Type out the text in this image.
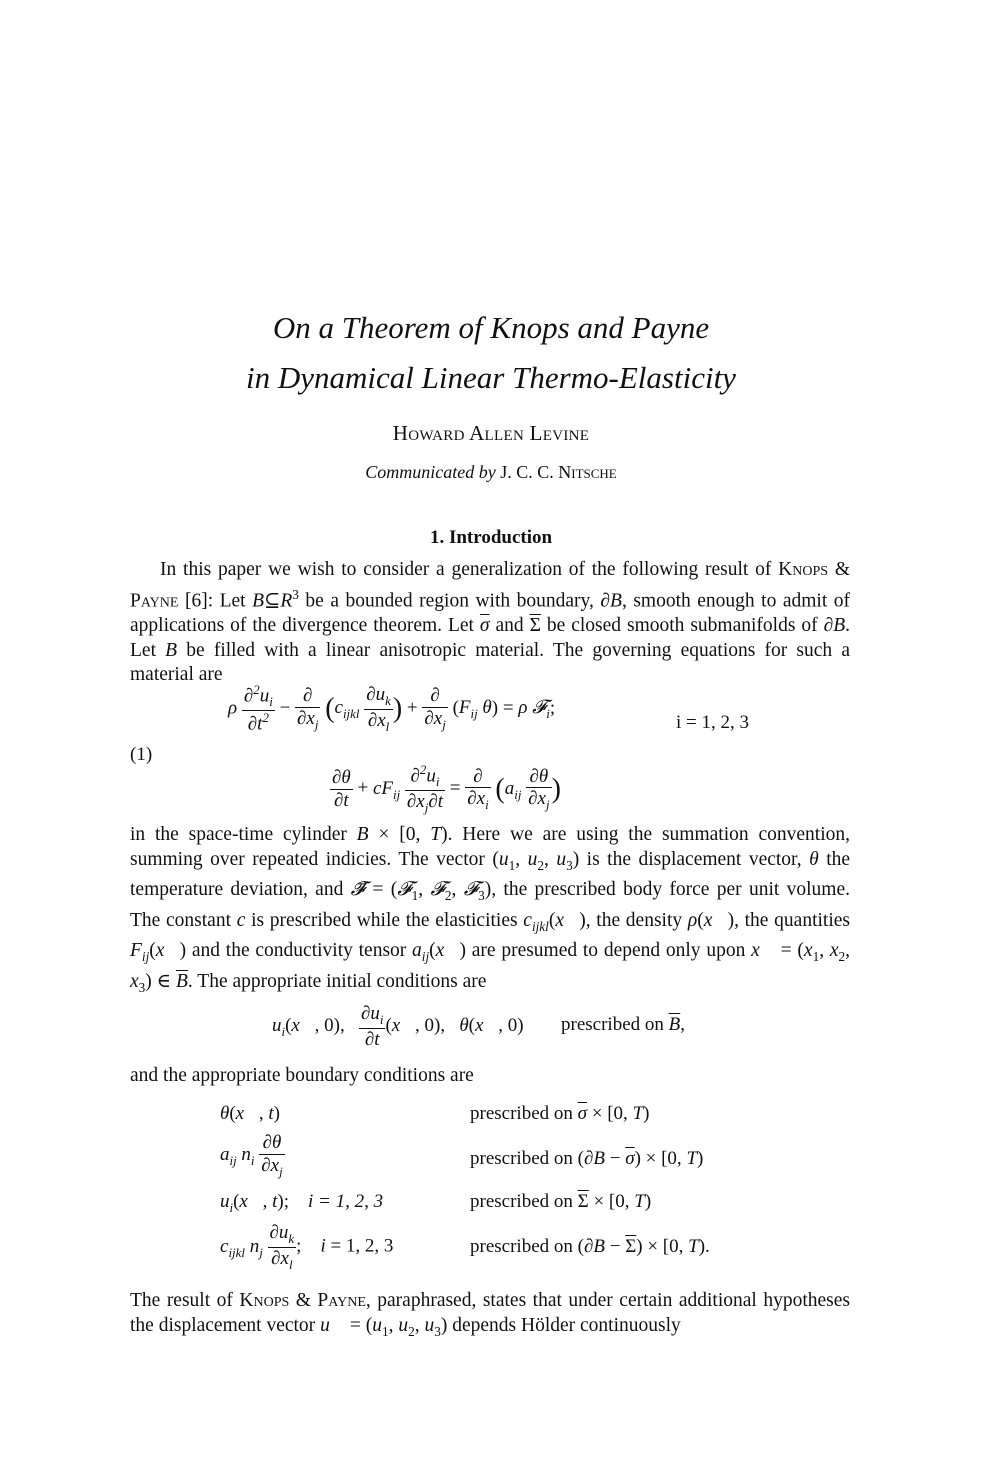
On a Theorem of Knops and Payne
in Dynamical Linear Thermo-Elasticity
Howard Allen Levine
Communicated by J. C. C. Nitsche
1. Introduction

In this paper we wish to consider a generalization of the following result of Knops & Payne [6]: Let $B⊆R^3$ be a bounded region with boundary, ∂B, smooth enough to admit of applications of the divergence theorem. Let $\overline{\sigma}$ and $\overline{\Sigma}$ be closed smooth submanifolds of ∂B. Let B be filled with a linear anisotropic material. The governing equations for such a material are

ρ $\frac{\partial^2u_i}{\partial t^2} - \frac{\partial}{\partial x_j} (c_{ijkl} \frac{\partial u_k}{\partial x_l}$ ) + $\frac{\partial}{\partial x_j} (F_{ij}$ θ) = ρ 𝓕$_i$;
i = 1, 2, 3
(1)
$\frac{\partial\theta}{\partial t} + cF_{ij} \frac{\partial^2u_i}{\partial x_j\partial t} = \frac{\partial}{\partial x_i} (a_{ij} \frac{\partial\theta}{\partial x_j}$ )

in the space-time cylinder B × [0, T). Here we are using the summation convention, summing over repeated indicies. The vector ($u_1$, $u_2$, $u_3$) is the displacement vector, θ the temperature deviation, and 𝓕⃗ = (𝓕$_1$, 𝓕$_2$, 𝓕$_3$), the prescribed body force per unit volume. The constant c is prescribed while the elasticities $c_{ijkl}(x⃗)$, the density ρ(x⃗), the quantities $F_{ij}(x⃗)$ and the conductivity tensor $a_{ij}(x⃗)$ are presumed to depend only upon x⃗ = ($x_1$, $x_2$, $x_3$) ∈ $\overline{B}$. The appropriate initial conditions are

$u_i(x⃗$, 0), $\frac{\partial u_i}{\partial t}$ (x⃗, 0),   θ(x⃗, 0) prescribed on $\overline{B}$,

and the appropriate boundary conditions are

θ(x⃗, t)	prescribed on $\overline{\sigma} \times [0$, T)
$a_{ij}$ $n_i \frac{\partial\theta}{\partial x_j}$	prescribed on $(\partial B - \overline{\sigma}) \times [0$, T)
$u_i(x⃗$, t);    i = 1, 2, 3	prescribed on $\overline{\Sigma} \times [0$, T)
$c_{ijkl}$ $n_j \frac{\partial u_k}{\partial x_l}$ ;    i = 1, 2, 3	prescribed on $(\partial B - \overline{\Sigma}) \times [0$, T).

The result of Knops & Payne, paraphrased, states that under certain additional hypotheses the displacement vector u⃗ = ($u_1$, $u_2$, $u_3$) depends Hölder continuously
